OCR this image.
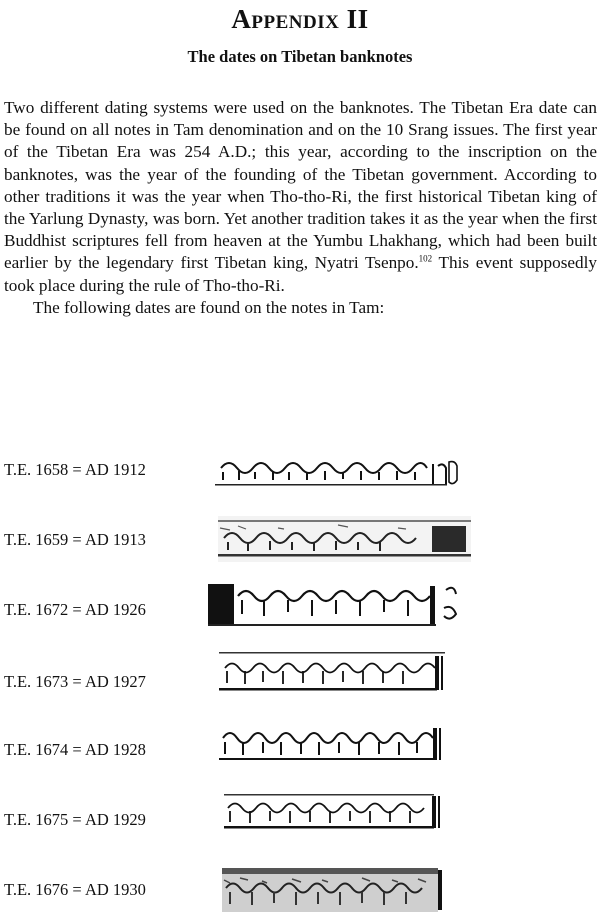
Appendix II
The dates on Tibetan banknotes

Two different dating systems were used on the banknotes. The Tibetan Era date can be found on all notes in Tam denomination and on the 10 Srang issues. The first year of the Tibetan Era was 254 A.D.; this year, according to the inscription on the banknotes, was the year of the founding of the Tibetan government. According to other traditions it was the year when Tho-tho-Ri, the first historical Tibetan king of the Yarlung Dynasty, was born. Yet another tradition takes it as the year when the first Buddhist scriptures fell from heaven at the Yumbu Lhakhang, which had been built earlier by the legendary first Tibetan king, Nyatri Tsenpo.$^{102}$ This event supposedly took place during the rule of Tho-tho-Ri.

The following dates are found on the notes in Tam:

T.E. 1658 = AD 1912
T.E. 1659 = AD 1913
T.E. 1672 = AD 1926
T.E. 1673 = AD 1927
T.E. 1674 = AD 1928
T.E. 1675 = AD 1929
T.E. 1676 = AD 1930
